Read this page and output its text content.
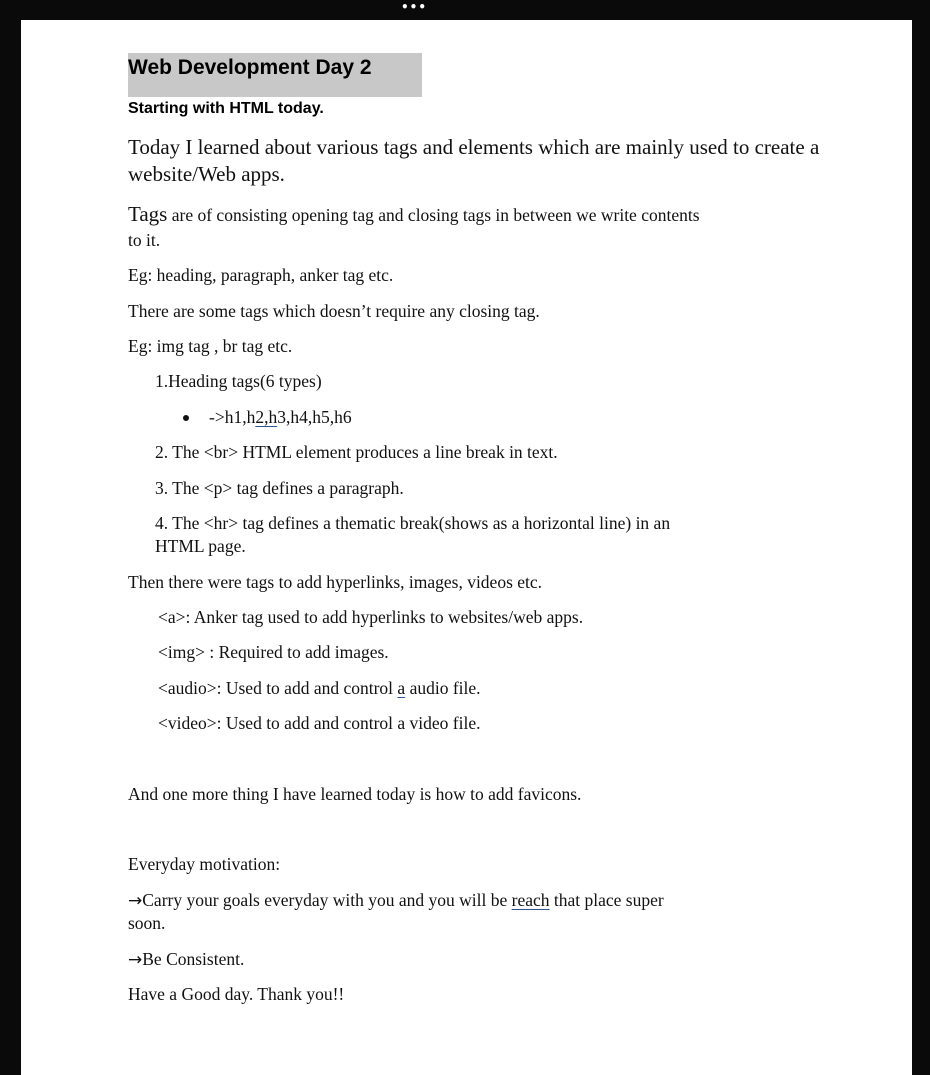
•••
Web Development Day 2
Starting with HTML today.
Today I learned about various tags and elements which are mainly used to create a website/Web apps.
Tags are of consisting opening tag and closing tags in between we write contents
to it.
Eg: heading, paragraph, anker tag etc.
There are some tags which doesn’t require any closing tag.
Eg: img tag , br tag etc.
1.Heading tags(6 types)
->h1,h2,h3,h4,h5,h6
2. The <br> HTML element produces a line break in text.
3. The <p> tag defines a paragraph.
4. The <hr> tag defines a thematic break(shows as a horizontal line) in an
HTML page.
Then there were tags to add hyperlinks, images, videos etc.
<a>: Anker tag used to add hyperlinks to websites/web apps.
<img> : Required to add images.
<audio>: Used to add and control a audio file.
<video>: Used to add and control a video file.
And one more thing I have learned today is how to add favicons.
Everyday motivation:
→Carry your goals everyday with you and you will be reach that place super
soon.
→Be Consistent.
Have a Good day. Thank you!!
